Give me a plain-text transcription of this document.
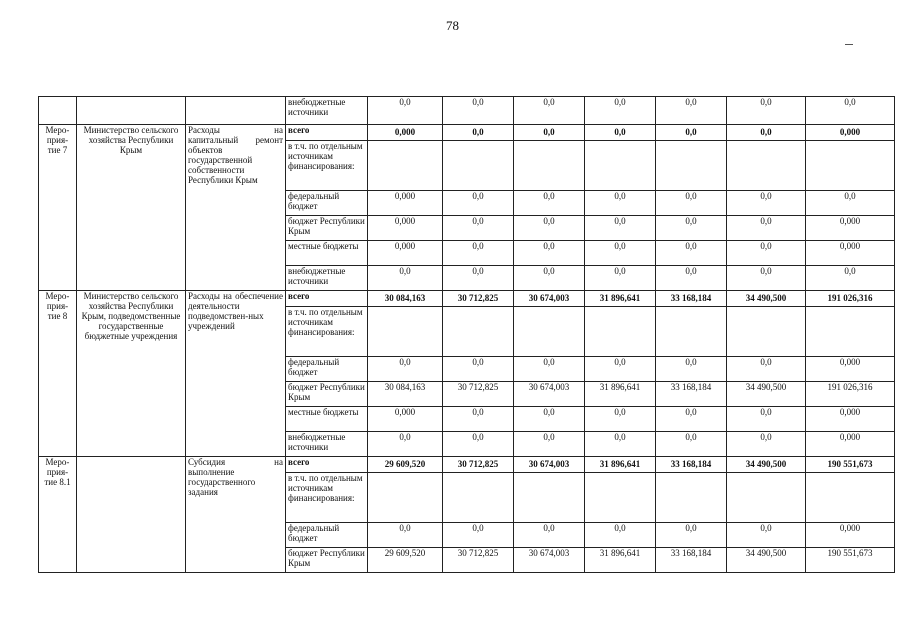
78
			внебюджетные источники	0,0	0,0	0,0	0,0	0,0	0,0	0,0
Меро-
прия-
тие 7	Министерство сельского хозяйства Республики Крым	Расходы на капитальный ремонт объектов государственной собственности Республики Крым	всего	0,000	0,0	0,0	0,0	0,0	0,0	0,000
			в т.ч. по отдельным источникам финансирования:							
			федеральный бюджет	0,000	0,0	0,0	0,0	0,0	0,0	0,0
			бюджет Республики Крым	0,000	0,0	0,0	0,0	0,0	0,0	0,000
			местные бюджеты	0,000	0,0	0,0	0,0	0,0	0,0	0,000
			внебюджетные источники	0,0	0,0	0,0	0,0	0,0	0,0	0,0
Меро-
прия-
тие 8	Министерство сельского хозяйства Республики Крым, подведомственные государственные бюджетные учреждения	Расходы на обеспечение деятельности подведомствен-ных учреждений	всего	30 084,163	30 712,825	30 674,003	31 896,641	33 168,184	34 490,500	191 026,316
			в т.ч. по отдельным источникам финансирования:							
			федеральный бюджет	0,0	0,0	0,0	0,0	0,0	0,0	0,000
			бюджет Республики Крым	30 084,163	30 712,825	30 674,003	31 896,641	33 168,184	34 490,500	191 026,316
			местные бюджеты	0,000	0,0	0,0	0,0	0,0	0,0	0,000
			внебюджетные источники	0,0	0,0	0,0	0,0	0,0	0,0	0,000
Меро-
прия-
тие 8.1		Субсидия на выполнение государственного задания	всего	29 609,520	30 712,825	30 674,003	31 896,641	33 168,184	34 490,500	190 551,673
			в т.ч. по отдельным источникам финансирования:							
			федеральный бюджет	0,0	0,0	0,0	0,0	0,0	0,0	0,000
			бюджет Республики Крым	29 609,520	30 712,825	30 674,003	31 896,641	33 168,184	34 490,500	190 551,673
